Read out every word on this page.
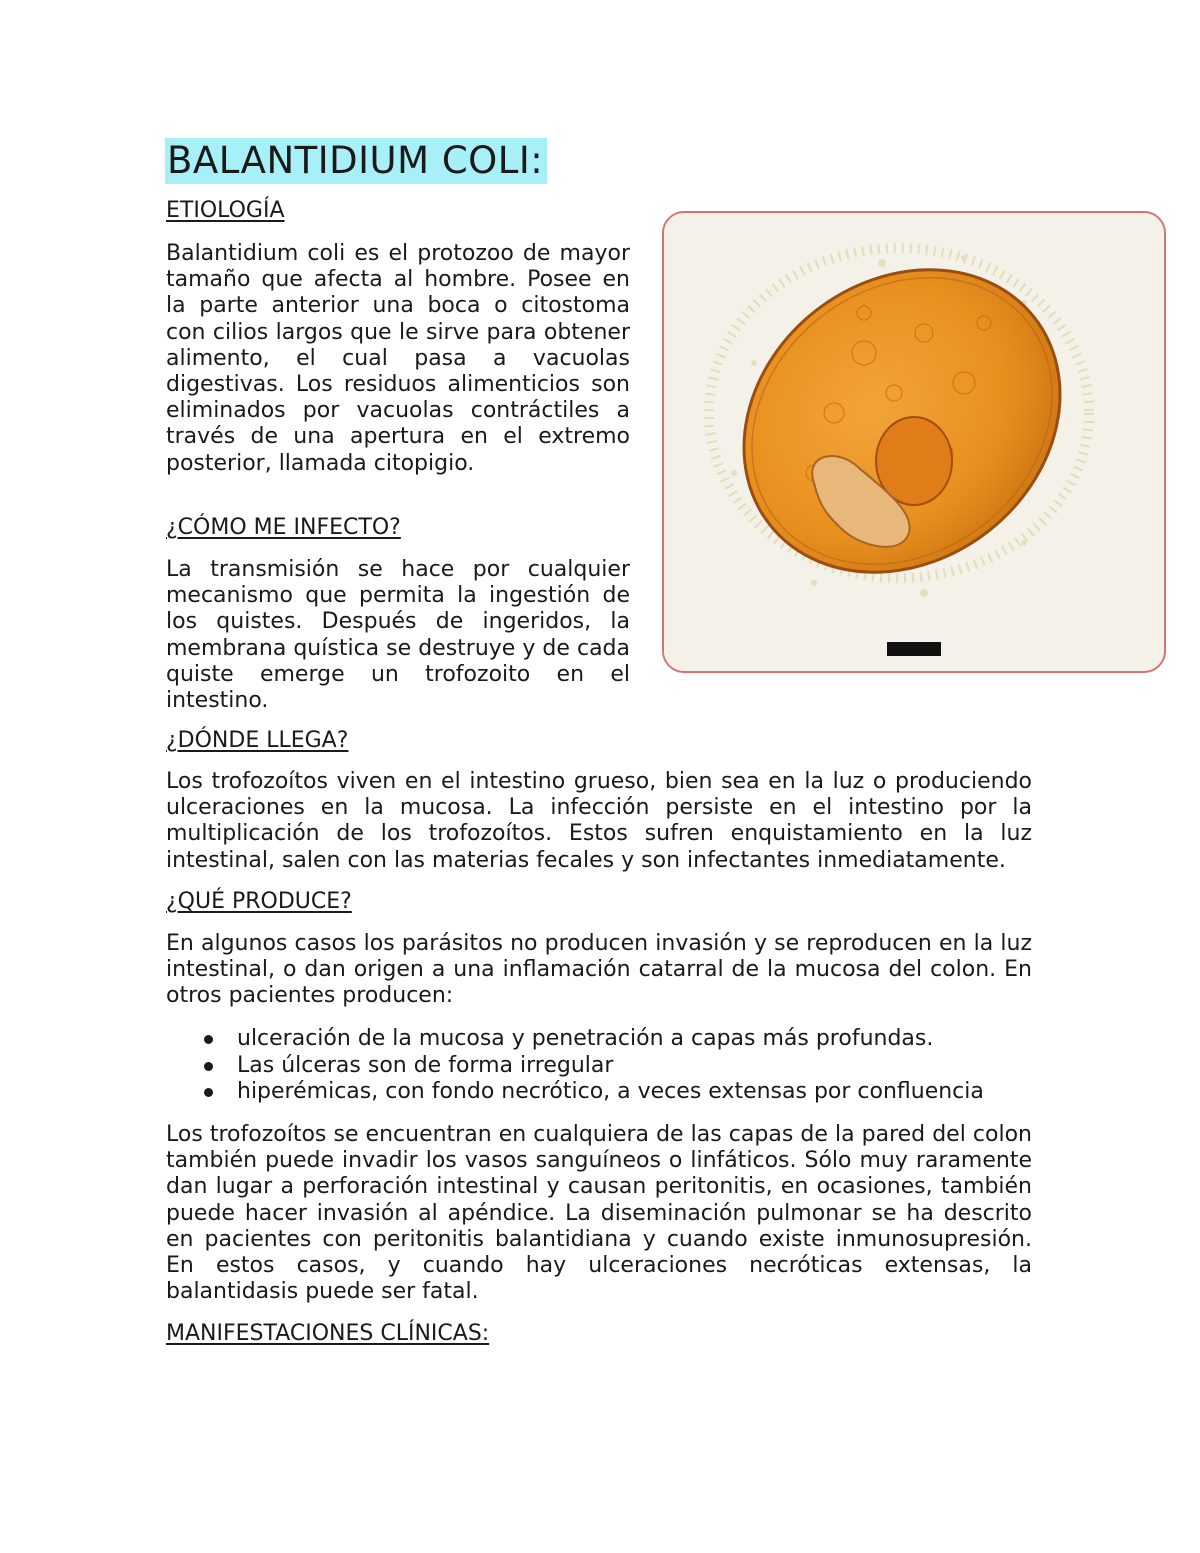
BALANTIDIUM COLI:
ETIOLOGÍA

Balantidium coli es el protozoo de mayor tamaño que afecta al hombre. Posee en la parte anterior una boca o citostoma con cilios largos que le sirve para obtener alimento, el cual pasa a vacuolas digestivas. Los residuos alimenticios son eliminados por vacuolas contráctiles a través de una apertura en el extremo posterior, llamada citopigio.

¿CÓMO ME INFECTO?

La transmisión se hace por cualquier mecanismo que permita la ingestión de los quistes. Después de ingeridos, la membrana quística se destruye y de cada quiste emerge un trofozoito en el intestino.

¿DÓNDE LLEGA?

Los trofozoítos viven en el intestino grueso, bien sea en la luz o produciendo ulceraciones en la mucosa. La infección persiste en el intestino por la multiplicación de los trofozoítos. Estos sufren enquistamiento en la luz intestinal, salen con las materias fecales y son infectantes inmediatamente.

¿QUÉ PRODUCE?

En algunos casos los parásitos no producen invasión y se reproducen en la luz intestinal, o dan origen a una inflamación catarral de la mucosa del colon. En otros pacientes producen:

ulceración de la mucosa y penetración a capas más profundas.
Las úlceras son de forma irregular
hiperémicas, con fondo necrótico, a veces extensas por confluencia

Los trofozoítos se encuentran en cualquiera de las capas de la pared del colon también puede invadir los vasos sanguíneos o linfáticos. Sólo muy raramente dan lugar a perforación intestinal y causan peritonitis, en ocasiones, también puede hacer invasión al apéndice. La diseminación pulmonar se ha descrito en pacientes con peritonitis balantidiana y cuando existe inmunosupresión. En estos casos, y cuando hay ulceraciones necróticas extensas, la balantidasis puede ser fatal.

MANIFESTACIONES CLÍNICAS:
